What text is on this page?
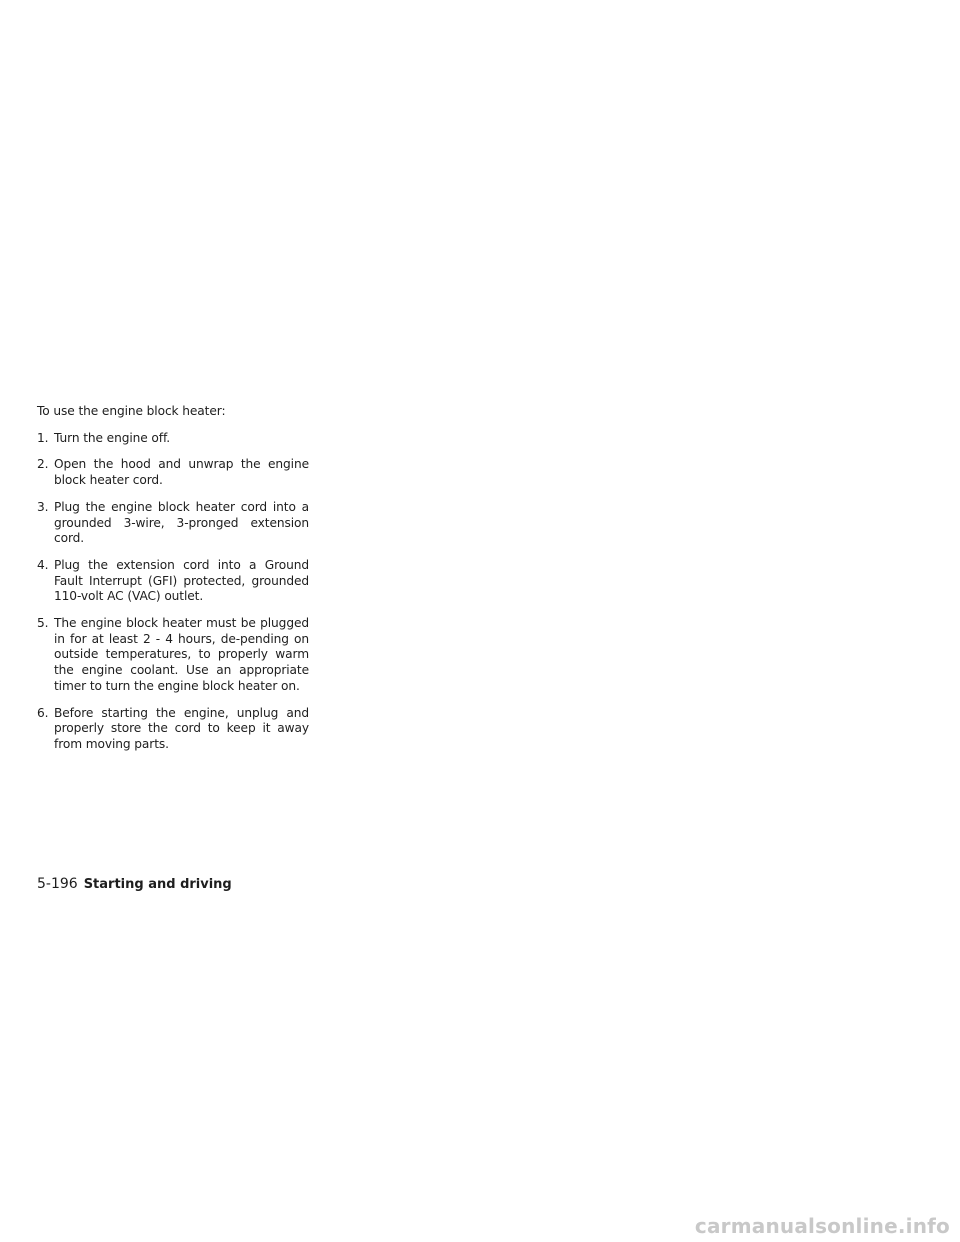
To use the engine block heater:

1. Turn the engine off.
2. Open the hood and unwrap the engine block heater cord.
3. Plug the engine block heater cord into a grounded 3-wire, 3-pronged extension cord.
4. Plug the extension cord into a Ground Fault Interrupt (GFI) protected, grounded 110-volt AC (VAC) outlet.
5. The engine block heater must be plugged in for at least 2 - 4 hours, de-pending on outside temperatures, to properly warm the engine coolant. Use an appropriate timer to turn the engine block heater on.
6. Before starting the engine, unplug and properly store the cord to keep it away from moving parts.
5-196 Starting and driving
carmanualsonline.info
